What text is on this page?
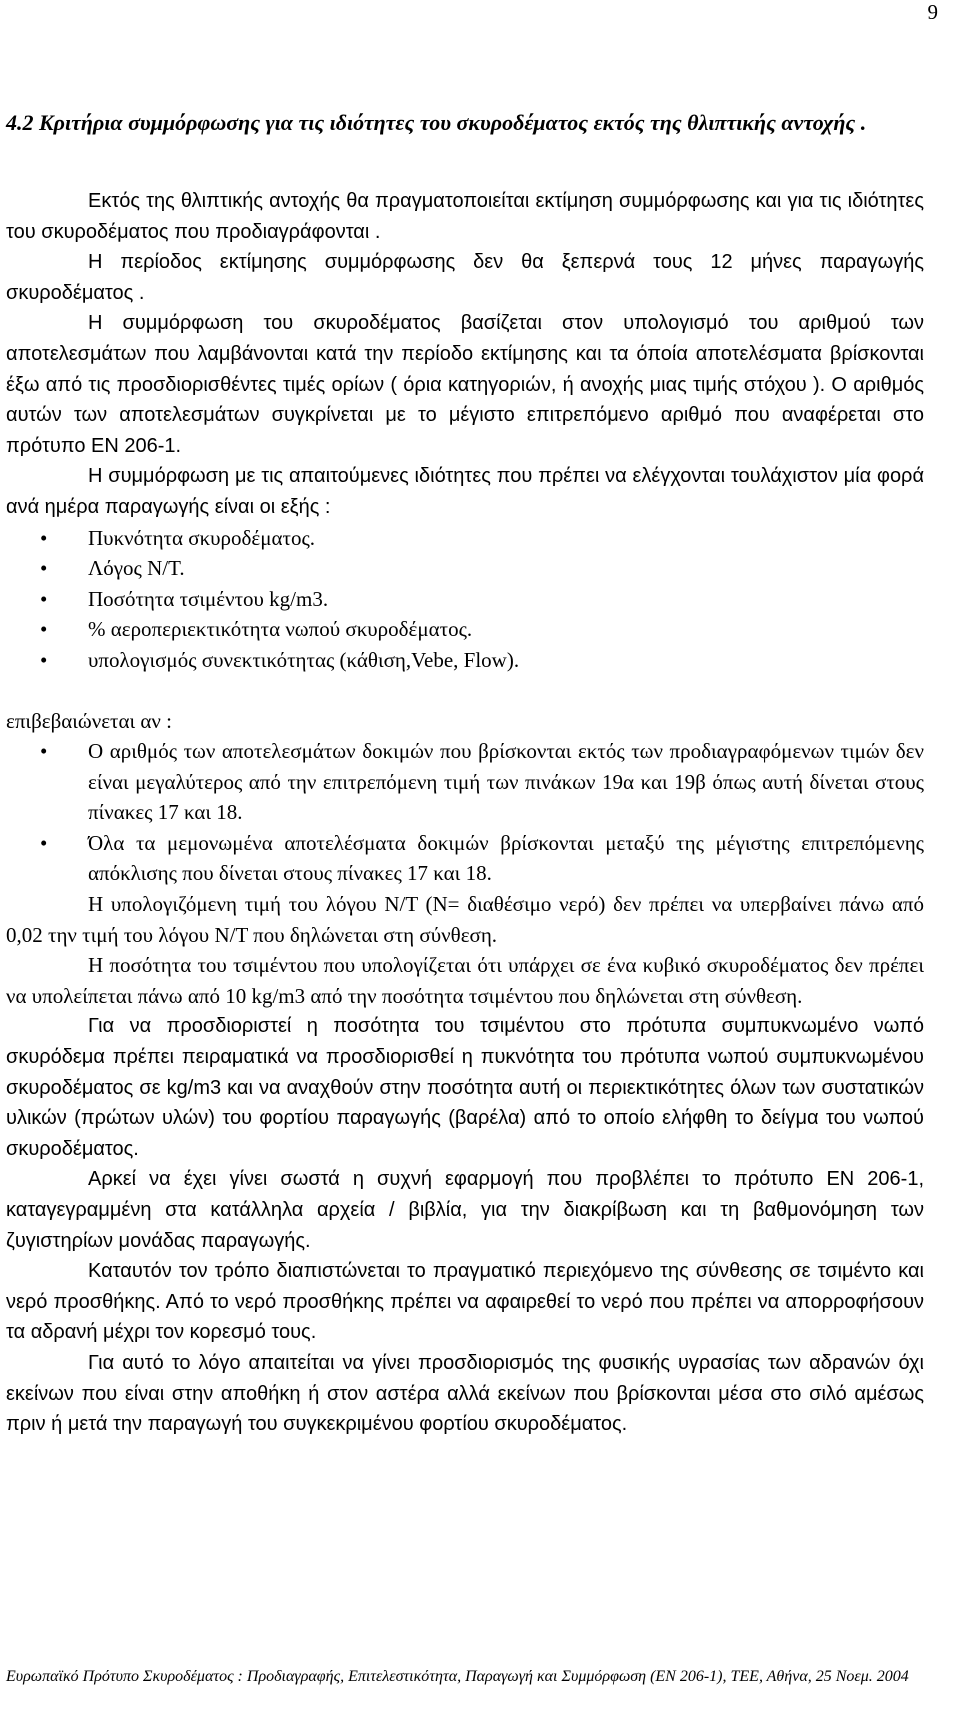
9
4.2 Κριτήρια συμμόρφωσης για τις ιδιότητες του σκυροδέματος εκτός της θλιπτικής αντοχής .

Εκτός της θλιπτικής αντοχής θα πραγματοποιείται εκτίμηση συμμόρφωσης και για τις ιδιότητες του σκυροδέματος που προδιαγράφονται .

Η περίοδος εκτίμησης συμμόρφωσης δεν θα ξεπερνά τους 12 μήνες παραγωγής σκυροδέματος .

Η συμμόρφωση του σκυροδέματος βασίζεται στον υπολογισμό του αριθμού των αποτελεσμάτων που λαμβάνονται κατά την περίοδο εκτίμησης και τα όποία αποτελέσματα βρίσκονται έξω από τις προσδιορισθέντες τιμές ορίων ( όρια κατηγοριών, ή ανοχής μιας τιμής στόχου ). Ο αριθμός αυτών των αποτελεσμάτων συγκρίνεται με το μέγιστο επιτρεπόμενο αριθμό που αναφέρεται στο πρότυπο ΕΝ 206-1.

Η συμμόρφωση με τις απαιτούμενες ιδιότητες που πρέπει να ελέγχονται τουλάχιστον μία φορά ανά ημέρα παραγωγής είναι οι εξής :

• Πυκνότητα σκυροδέματος.
• Λόγος Ν/Τ.
• Ποσότητα τσιμέντου kg/m3.
• % αεροπεριεκτικότητα νωπού σκυροδέματος.
• υπολογισμός συνεκτικότητας (κάθιση,Vebe, Flow).

επιβεβαιώνεται αν :

• Ο αριθμός των αποτελεσμάτων δοκιμών που βρίσκονται εκτός των προδιαγραφόμενων τιμών δεν είναι μεγαλύτερος από την επιτρεπόμενη τιμή των πινάκων 19α και 19β όπως αυτή δίνεται στους πίνακες 17 και 18.
• Όλα τα μεμονωμένα αποτελέσματα δοκιμών βρίσκονται μεταξύ της μέγιστης επιτρεπόμενης απόκλισης που δίνεται στους πίνακες 17 και 18.

Η υπολογιζόμενη τιμή του λόγου Ν/Τ (Ν= διαθέσιμο νερό) δεν πρέπει να υπερβαίνει πάνω από 0,02 την τιμή του λόγου Ν/Τ που δηλώνεται στη σύνθεση.

Η ποσότητα του τσιμέντου που υπολογίζεται ότι υπάρχει σε ένα κυβικό σκυροδέματος δεν πρέπει να υπολείπεται πάνω από 10 kg/m3 από την ποσότητα τσιμέντου που δηλώνεται στη σύνθεση.

Για να προσδιοριστεί η ποσότητα του τσιμέντου στο πρότυπα συμπυκνωμένο νωπό σκυρόδεμα πρέπει πειραματικά να προσδιορισθεί η πυκνότητα του πρότυπα νωπού συμπυκνωμένου σκυροδέματος σε kg/m3 και να αναχθούν στην ποσότητα αυτή οι περιεκτικότητες όλων των συστατικών υλικών (πρώτων υλών) του φορτίου παραγωγής (βαρέλα) από το οποίο ελήφθη το δείγμα του νωπού σκυροδέματος.

Αρκεί να έχει γίνει σωστά η συχνή εφαρμογή που προβλέπει το πρότυπο ΕΝ 206-1, καταγεγραμμένη στα κατάλληλα αρχεία / βιβλία, για την διακρίβωση και τη βαθμονόμηση των ζυγιστηρίων μονάδας παραγωγής.

Καταυτόν τον τρόπο διαπιστώνεται το πραγματικό περιεχόμενο της σύνθεσης σε τσιμέντο και νερό προσθήκης. Από το νερό προσθήκης πρέπει να αφαιρεθεί το νερό που πρέπει να απορροφήσουν τα αδρανή μέχρι τον κορεσμό τους.

Για αυτό το λόγο απαιτείται να γίνει προσδιορισμός της φυσικής υγρασίας των αδρανών όχι εκείνων που είναι στην αποθήκη ή στον αστέρα αλλά εκείνων που βρίσκονται μέσα στο σιλό αμέσως πριν ή μετά την παραγωγή του συγκεκριμένου φορτίου σκυροδέματος.

Ευρωπαϊκό Πρότυπο Σκυροδέματος : Προδιαγραφής, Επιτελεστικότητα, Παραγωγή και Συμμόρφωση (ΕΝ 206-1), ΤΕΕ, Αθήνα, 25 Νοεμ. 2004
